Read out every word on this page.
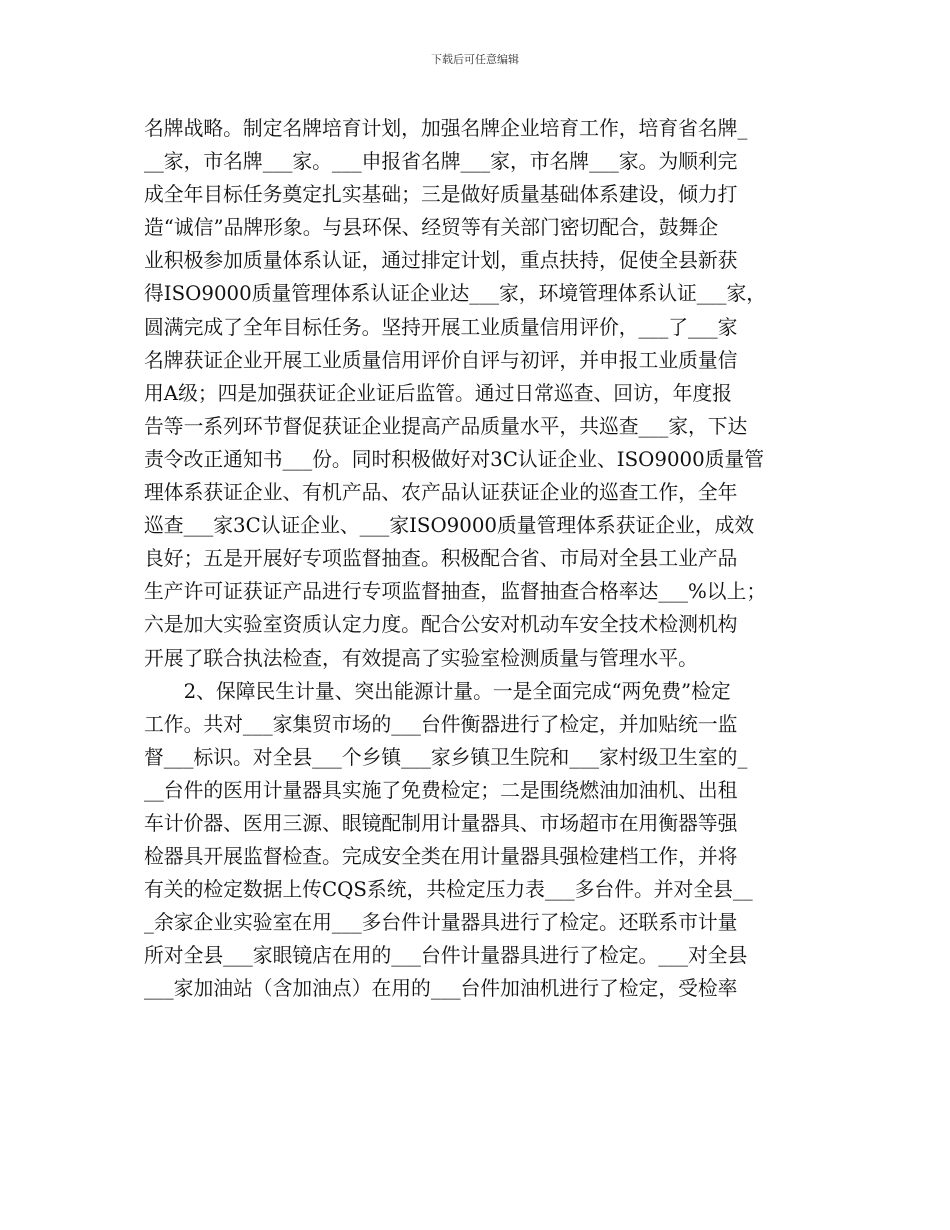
下载后可任意编辑
名牌战略。制定名牌培育计划，加强名牌企业培育工作，培育省名牌_
__家，市名牌___家。___申报省名牌___家，市名牌___家。为顺利完
成全年目标任务奠定扎实基础；三是做好质量基础体系建设，倾力打
造“诚信”品牌形象。与县环保、经贸等有关部门密切配合，鼓舞企
业积极参加质量体系认证，通过排定计划，重点扶持，促使全县新获
得ISO9000质量管理体系认证企业达___家，环境管理体系认证___家，
圆满完成了全年目标任务。坚持开展工业质量信用评价，___了___家
名牌获证企业开展工业质量信用评价自评与初评，并申报工业质量信
用A级；四是加强获证企业证后监管。通过日常巡查、回访，年度报
告等一系列环节督促获证企业提高产品质量水平，共巡查___家，下达
责令改正通知书___份。同时积极做好对3C认证企业、ISO9000质量管
理体系获证企业、有机产品、农产品认证获证企业的巡查工作，全年
巡查___家3C认证企业、___家ISO9000质量管理体系获证企业，成效
良好；五是开展好专项监督抽查。积极配合省、市局对全县工业产品
生产许可证获证产品进行专项监督抽查，监督抽查合格率达___%以上；
六是加大实验室资质认定力度。配合公安对机动车安全技术检测机构
开展了联合执法检查，有效提高了实验室检测质量与管理水平。
　　2、保障民生计量、突出能源计量。一是全面完成“两免费”检定
工作。共对___家集贸市场的___台件衡器进行了检定，并加贴统一监
督___标识。对全县___个乡镇___家乡镇卫生院和___家村级卫生室的_
__台件的医用计量器具实施了免费检定；二是围绕燃油加油机、出租
车计价器、医用三源、眼镜配制用计量器具、市场超市在用衡器等强
检器具开展监督检查。完成安全类在用计量器具强检建档工作，并将
有关的检定数据上传CQS系统，共检定压力表___多台件。并对全县__
_余家企业实验室在用___多台件计量器具进行了检定。还联系市计量
所对全县___家眼镜店在用的___台件计量器具进行了检定。___对全县
___家加油站（含加油点）在用的___台件加油机进行了检定，受检率
